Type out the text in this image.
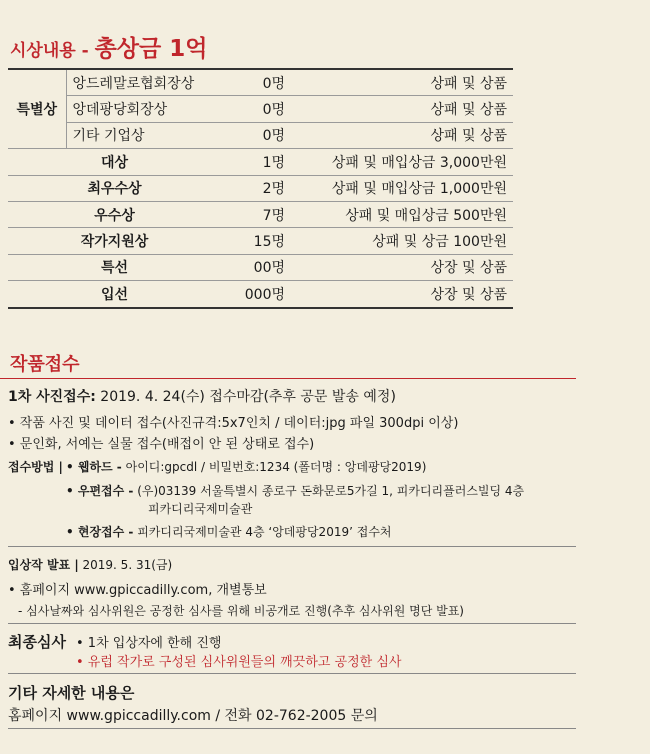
시상내용 - 총상금 1억
특별상	앙드레말로협회장상	0명	상패 및 상품
	앙데팡당회장상	0명	상패 및 상품
	기타 기업상	0명	상패 및 상품
대상		1명	상패 및 매입상금 3,000만원
최우수상		2명	상패 및 매입상금 1,000만원
우수상		7명	상패 및 매입상금 500만원
작가지원상		15명	상패 및 상금 100만원
특선		00명	상장 및 상품
입선		000명	상장 및 상품
작품접수
1차 사진접수: 2019. 4. 24(수) 접수마감(추후 공문 발송 예정)
• 작품 사진 및 데이터 접수(사진규격:5x7인치 / 데이터:jpg 파일 300dpi 이상)
• 문인화, 서예는 실물 접수(배접이 안 된 상태로 접수)
접수방법 | • 웹하드 - 아이디:gpcdl / 비밀번호:1234 (폴더명 : 앙데팡당2019)
• 우편접수 - (우)03139 서울특별시 종로구 돈화문로5가길 1, 피카디리플러스빌딩 4층
피카디리국제미술관
• 현장접수 - 피카디리국제미술관 4층 ‘앙데팡당2019’ 접수처
입상작 발표 | 2019. 5. 31(금)
• 홈페이지 www.gpiccadilly.com, 개별통보
- 심사날짜와 심사위원은 공정한 심사를 위해 비공개로 진행(추후 심사위원 명단 발표)
최종심사 • 1차 입상자에 한해 진행
• 유럽 작가로 구성된 심사위원들의 깨끗하고 공정한 심사
기타 자세한 내용은
홈페이지 www.gpiccadilly.com / 전화 02-762-2005 문의
